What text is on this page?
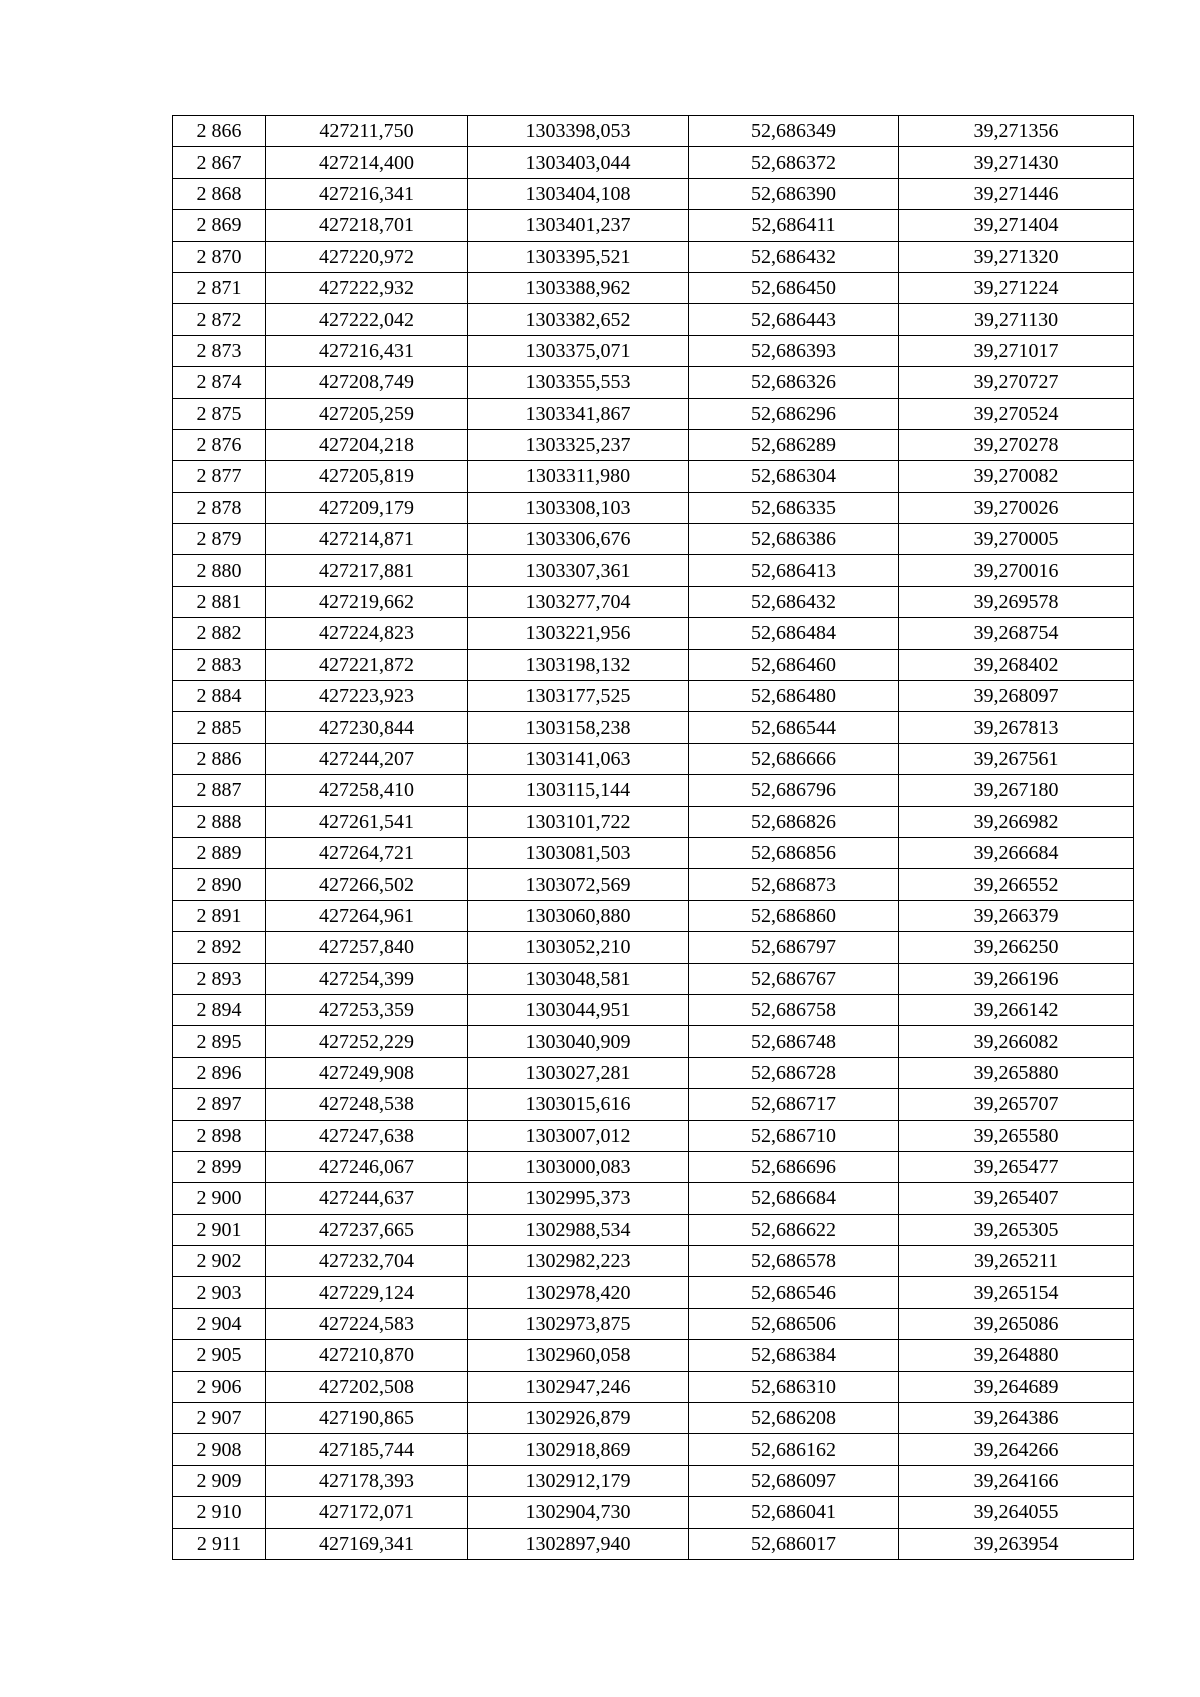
2 866	427211,750	1303398,053	52,686349	39,271356
2 867	427214,400	1303403,044	52,686372	39,271430
2 868	427216,341	1303404,108	52,686390	39,271446
2 869	427218,701	1303401,237	52,686411	39,271404
2 870	427220,972	1303395,521	52,686432	39,271320
2 871	427222,932	1303388,962	52,686450	39,271224
2 872	427222,042	1303382,652	52,686443	39,271130
2 873	427216,431	1303375,071	52,686393	39,271017
2 874	427208,749	1303355,553	52,686326	39,270727
2 875	427205,259	1303341,867	52,686296	39,270524
2 876	427204,218	1303325,237	52,686289	39,270278
2 877	427205,819	1303311,980	52,686304	39,270082
2 878	427209,179	1303308,103	52,686335	39,270026
2 879	427214,871	1303306,676	52,686386	39,270005
2 880	427217,881	1303307,361	52,686413	39,270016
2 881	427219,662	1303277,704	52,686432	39,269578
2 882	427224,823	1303221,956	52,686484	39,268754
2 883	427221,872	1303198,132	52,686460	39,268402
2 884	427223,923	1303177,525	52,686480	39,268097
2 885	427230,844	1303158,238	52,686544	39,267813
2 886	427244,207	1303141,063	52,686666	39,267561
2 887	427258,410	1303115,144	52,686796	39,267180
2 888	427261,541	1303101,722	52,686826	39,266982
2 889	427264,721	1303081,503	52,686856	39,266684
2 890	427266,502	1303072,569	52,686873	39,266552
2 891	427264,961	1303060,880	52,686860	39,266379
2 892	427257,840	1303052,210	52,686797	39,266250
2 893	427254,399	1303048,581	52,686767	39,266196
2 894	427253,359	1303044,951	52,686758	39,266142
2 895	427252,229	1303040,909	52,686748	39,266082
2 896	427249,908	1303027,281	52,686728	39,265880
2 897	427248,538	1303015,616	52,686717	39,265707
2 898	427247,638	1303007,012	52,686710	39,265580
2 899	427246,067	1303000,083	52,686696	39,265477
2 900	427244,637	1302995,373	52,686684	39,265407
2 901	427237,665	1302988,534	52,686622	39,265305
2 902	427232,704	1302982,223	52,686578	39,265211
2 903	427229,124	1302978,420	52,686546	39,265154
2 904	427224,583	1302973,875	52,686506	39,265086
2 905	427210,870	1302960,058	52,686384	39,264880
2 906	427202,508	1302947,246	52,686310	39,264689
2 907	427190,865	1302926,879	52,686208	39,264386
2 908	427185,744	1302918,869	52,686162	39,264266
2 909	427178,393	1302912,179	52,686097	39,264166
2 910	427172,071	1302904,730	52,686041	39,264055
2 911	427169,341	1302897,940	52,686017	39,263954
